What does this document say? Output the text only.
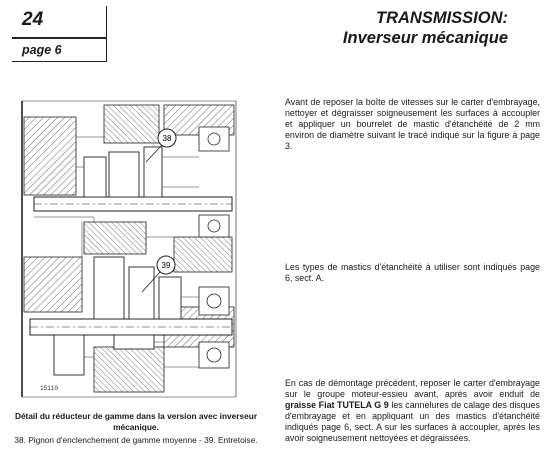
24
page 6
TRANSMISSION:
Inverseur mécanique
38
39
15110
Détail du réducteur de gamme dans la version avec inverseur mécanique.
38. Pignon d'enclenchement de gamme moyenne - 39. Entretoise.

Avant de reposer la boîte de vitesses sur le carter d'embrayage, nettoyer et dégraisser soigneusement les surfaces à accoupler et appliquer un bourrelet de mastic d'étanchéité de 2 mm environ de diamètre suivant le tracé indiqué sur la figure à page 3.

Les types de mastics d'étanchéité à utiliser sont indiqués page 6, sect. A.

En cas de démontage précédent, reposer le carter d'embrayage sur le groupe moteur-essieu avant, après avoir enduit de graisse Fiat TUTELA G 9 les cannelures de calage des disques d'embrayage et en appliquant un des mastics d'étanchéité indiqués page 6, sect. A sur les surfaces à accoupler, après les avoir soigneusement nettoyées et dégraissées.
